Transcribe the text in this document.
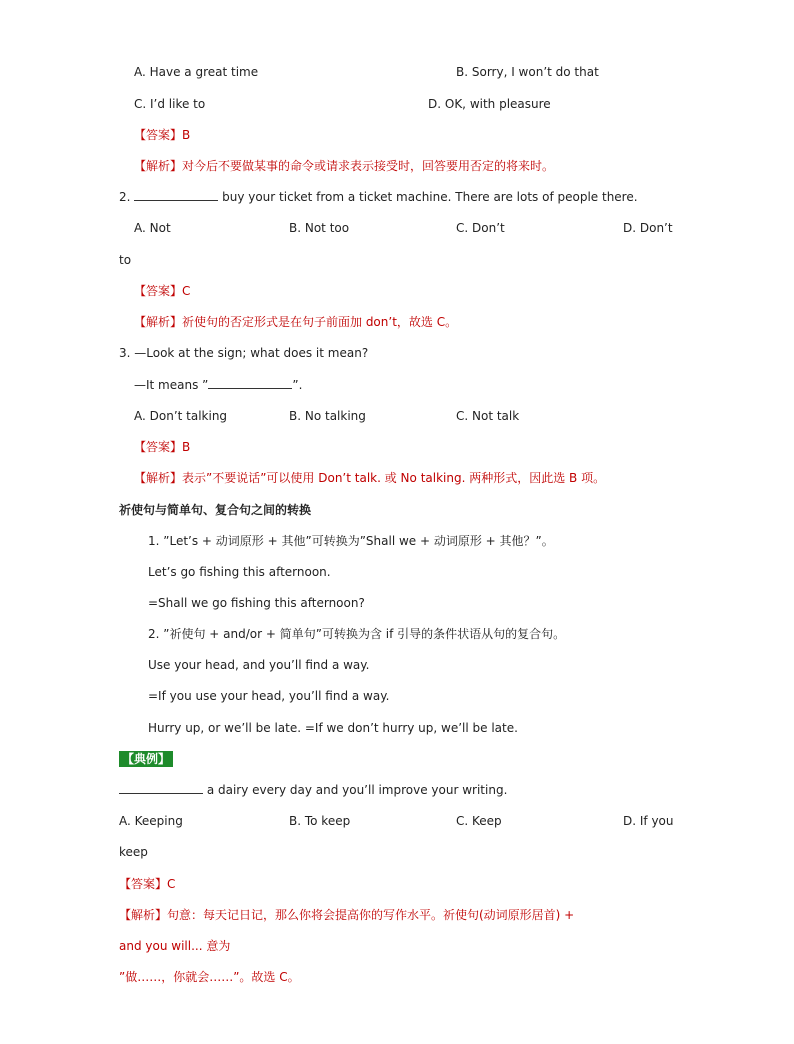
A. Have a great time	B. Sorry, I won’t do that
C. I’d like to	D. OK, with pleasure
【答案】B
【解析】对今后不要做某事的命令或请求表示接受时，回答要用否定的将来时。
2.	buy your ticket from a ticket machine. There are lots of people there.
A. Not	B. Not too	C. Don’t	D. Don’t
to
【答案】C
【解析】祈使句的否定形式是在句子前面加 don’t，故选 C。
3. —Look at the sign; what does it mean?
—It means ”	”.
A. Don’t talking	B. No talking	C. Not talk
【答案】B
【解析】表示”不要说话”可以使用 Don’t talk. 或 No talking. 两种形式，因此选 B 项。
祈使句与简单句、复合句之间的转换
1. ”Let’s + 动词原形 + 其他”可转换为”Shall we + 动词原形 + 其他？”。
Let’s go fishing this afternoon.
=Shall we go fishing this afternoon?
2. ”祈使句 + and/or + 简单句”可转换为含 if 引导的条件状语从句的复合句。
Use your head, and you’ll find a way.
=If you use your head, you’ll find a way.
Hurry up, or we’ll be late. =If we don’t hurry up, we’ll be late.
【典例】
a dairy every day and you’ll improve your writing.
A. Keeping	B. To keep	C. Keep	D. If you
keep
【答案】C
【解析】句意：每天记日记，那么你将会提高你的写作水平。祈使句(动词原形居首) +
and you will... 意为
”做……，你就会……”。故选 C。
